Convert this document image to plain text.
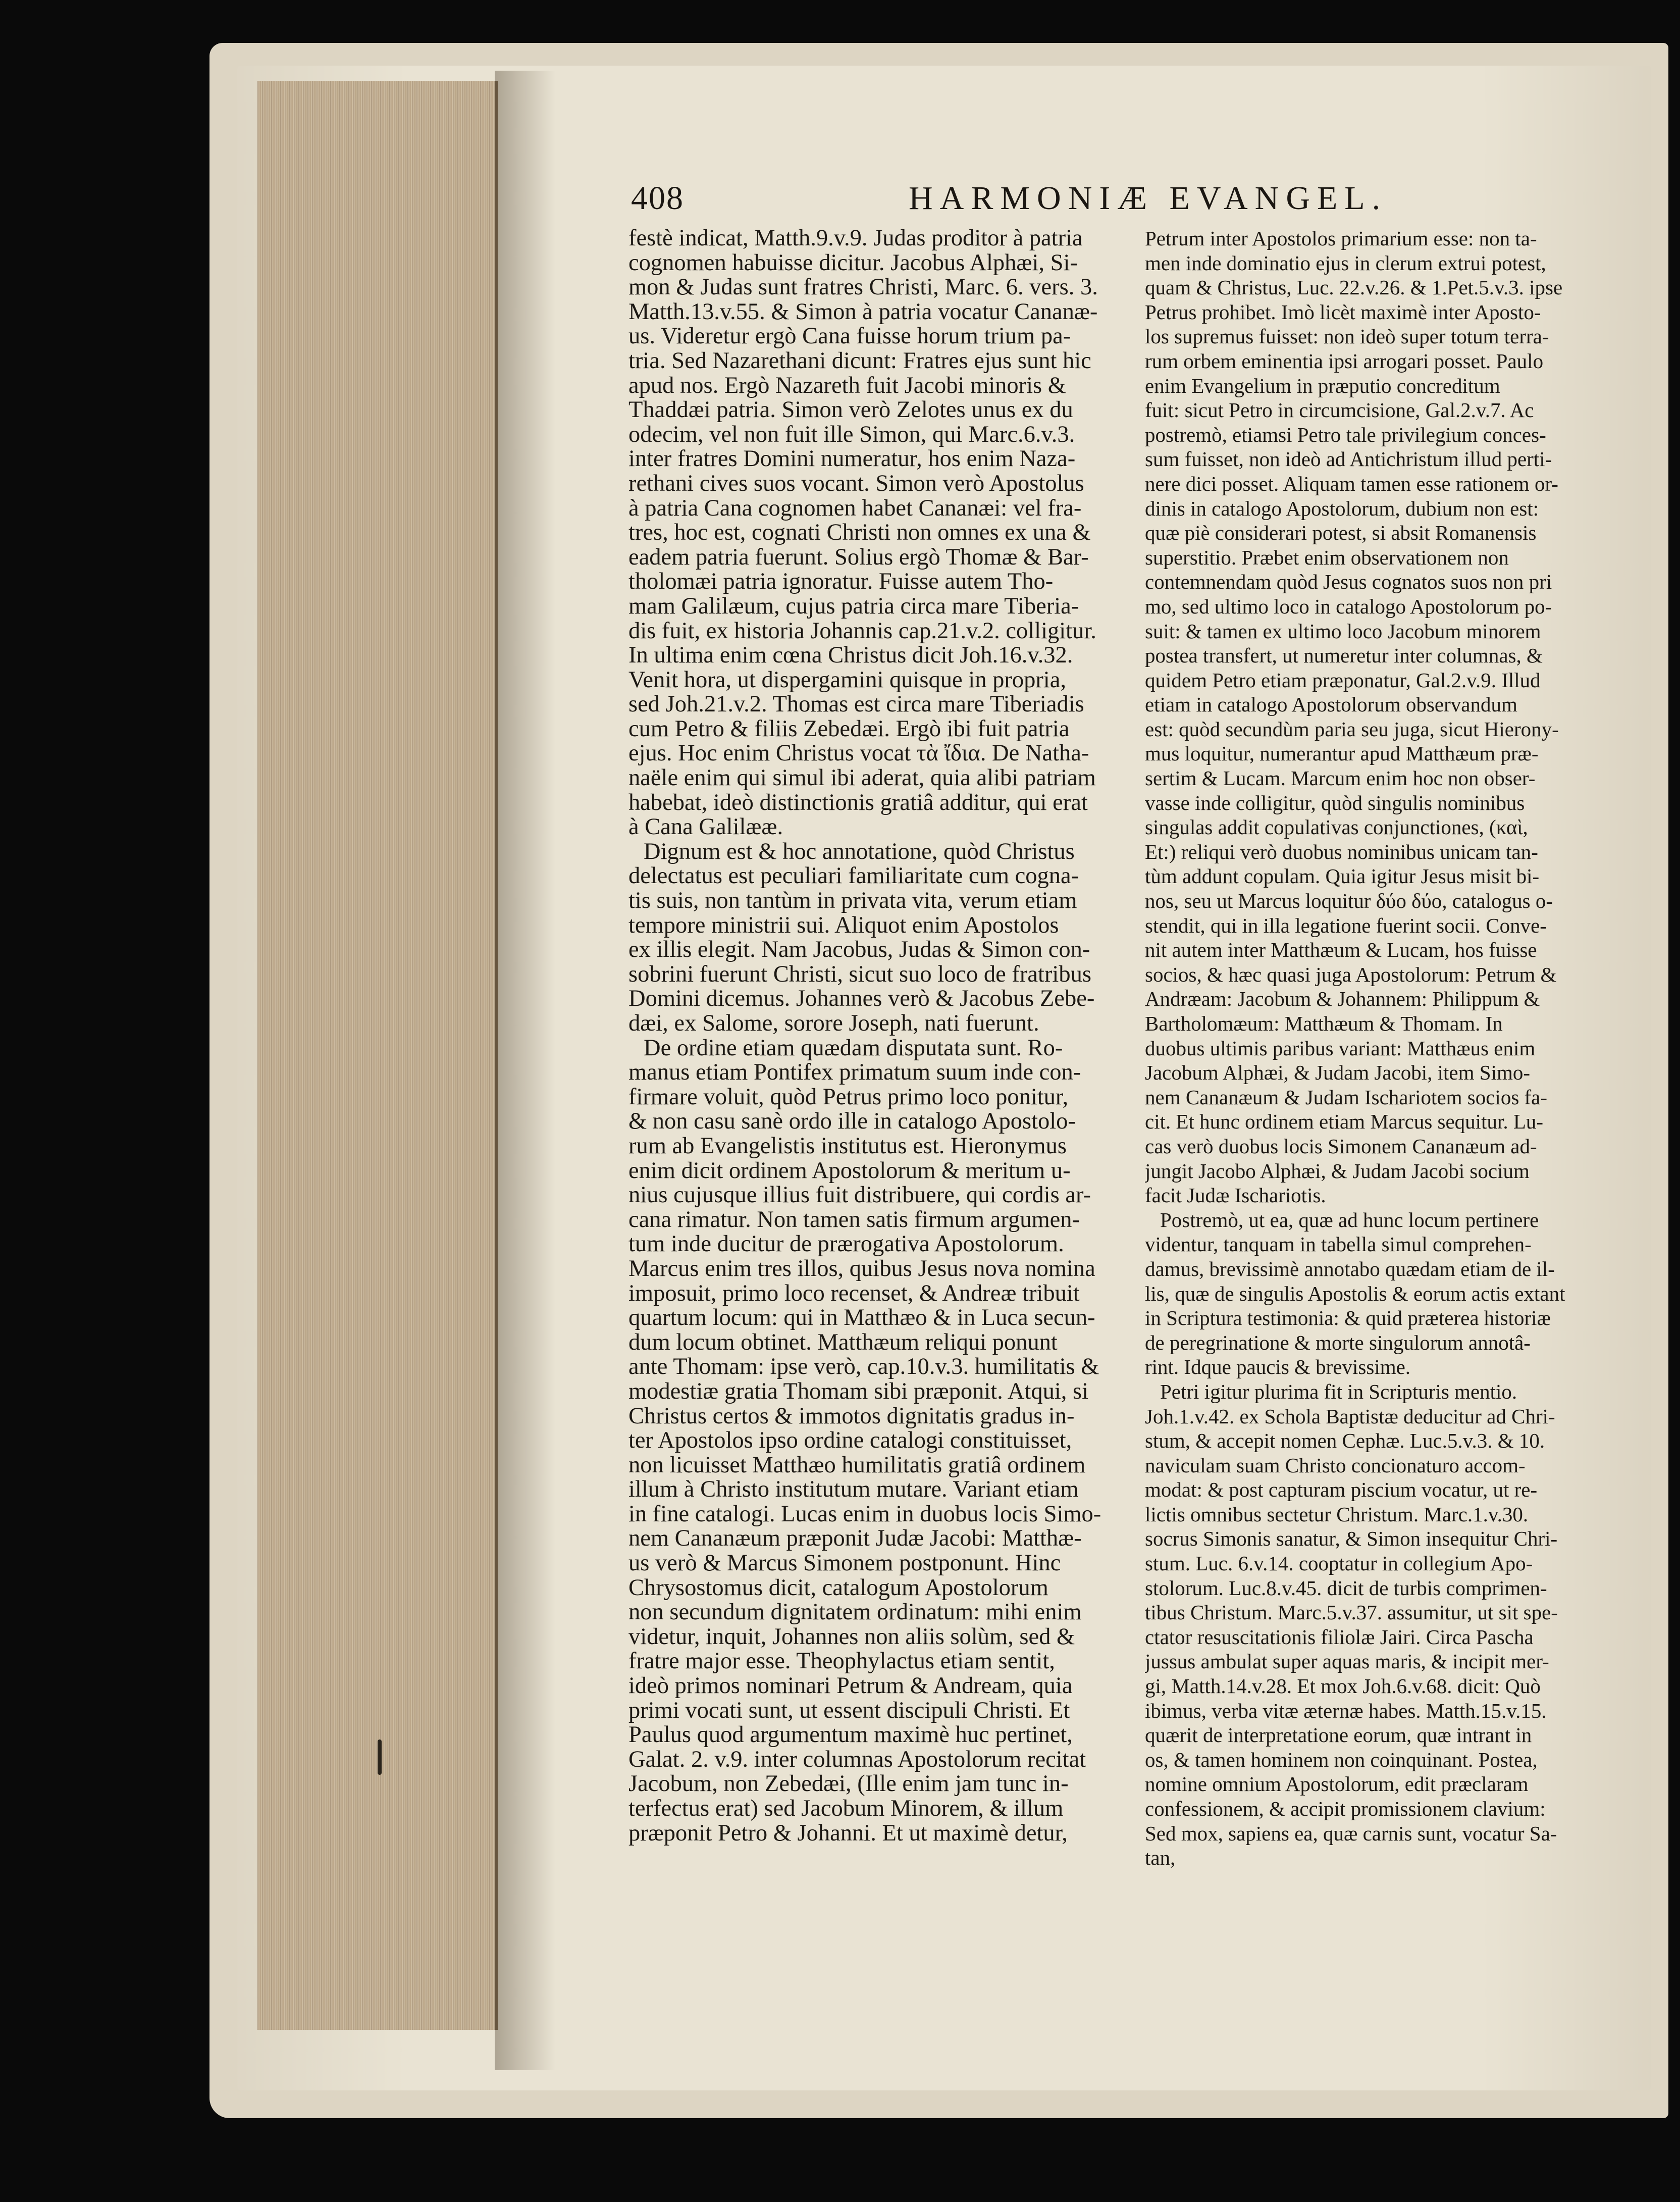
408	HARMONIÆ EVANGEL.
festè indicat, Matth.9.v.9. Judas proditor à patria
cognomen habuisse dicitur. Jacobus Alphæi, Si-
mon & Judas sunt fratres Christi, Marc. 6. vers. 3.
Matth.13.v.55. & Simon à patria vocatur Cananæ-
us. Videretur ergò Cana fuisse horum trium pa-
tria. Sed Nazarethani dicunt: Fratres ejus sunt hic
apud nos. Ergò Nazareth fuit Jacobi minoris &
Thaddæi patria. Simon verò Zelotes unus ex du
odecim, vel non fuit ille Simon, qui Marc.6.v.3.
inter fratres Domini numeratur, hos enim Naza-
rethani cives suos vocant. Simon verò Apostolus
à patria Cana cognomen habet Cananæi: vel fra-
tres, hoc est, cognati Christi non omnes ex una &
eadem patria fuerunt. Solius ergò Thomæ & Bar-
tholomæi patria ignoratur. Fuisse autem Tho-
mam Galilæum, cujus patria circa mare Tiberia-
dis fuit, ex historia Johannis cap.21.v.2. colligitur.
In ultima enim cœna Christus dicit Joh.16.v.32.
Venit hora, ut dispergamini quisque in propria,
sed Joh.21.v.2. Thomas est circa mare Tiberiadis
cum Petro & filiis Zebedæi. Ergò ibi fuit patria
ejus. Hoc enim Christus vocat τὰ ἴδια. De Natha-
naële enim qui simul ibi aderat, quia alibi patriam
habebat, ideò distinctionis gratiâ additur, qui erat
à Cana Galilææ.
Dignum est & hoc annotatione, quòd Christus
delectatus est peculiari familiaritate cum cogna-
tis suis, non tantùm in privata vita, verum etiam
tempore ministrii sui. Aliquot enim Apostolos
ex illis elegit. Nam Jacobus, Judas & Simon con-
sobrini fuerunt Christi, sicut suo loco de fratribus
Domini dicemus. Johannes verò & Jacobus Zebe-
dæi, ex Salome, sorore Joseph, nati fuerunt.
De ordine etiam quædam disputata sunt. Ro-
manus etiam Pontifex primatum suum inde con-
firmare voluit, quòd Petrus primo loco ponitur,
& non casu sanè ordo ille in catalogo Apostolo-
rum ab Evangelistis institutus est. Hieronymus
enim dicit ordinem Apostolorum & meritum u-
nius cujusque illius fuit distribuere, qui cordis ar-
cana rimatur. Non tamen satis firmum argumen-
tum inde ducitur de prærogativa Apostolorum.
Marcus enim tres illos, quibus Jesus nova nomina
imposuit, primo loco recenset, & Andreæ tribuit
quartum locum: qui in Matthæo & in Luca secun-
dum locum obtinet. Matthæum reliqui ponunt
ante Thomam: ipse verò, cap.10.v.3. humilitatis &
modestiæ gratia Thomam sibi præponit. Atqui, si
Christus certos & immotos dignitatis gradus in-
ter Apostolos ipso ordine catalogi constituisset,
non licuisset Matthæo humilitatis gratiâ ordinem
illum à Christo institutum mutare. Variant etiam
in fine catalogi. Lucas enim in duobus locis Simo-
nem Cananæum præponit Judæ Jacobi: Matthæ-
us verò & Marcus Simonem postponunt. Hinc
Chrysostomus dicit, catalogum Apostolorum
non secundum dignitatem ordinatum: mihi enim
videtur, inquit, Johannes non aliis solùm, sed &
fratre major esse. Theophylactus etiam sentit,
ideò primos nominari Petrum & Andream, quia
primi vocati sunt, ut essent discipuli Christi. Et
Paulus quod argumentum maximè huc pertinet,
Galat. 2. v.9. inter columnas Apostolorum recitat
Jacobum, non Zebedæi, (Ille enim jam tunc in-
terfectus erat) sed Jacobum Minorem, & illum
præponit Petro & Johanni. Et ut maximè detur,
Petrum inter Apostolos primarium esse: non ta-
men inde dominatio ejus in clerum extrui potest,
quam & Christus, Luc. 22.v.26. & 1.Pet.5.v.3. ipse
Petrus prohibet. Imò licèt maximè inter Aposto-
los supremus fuisset: non ideò super totum terra-
rum orbem eminentia ipsi arrogari posset. Paulo
enim Evangelium in præputio concreditum
fuit: sicut Petro in circumcisione, Gal.2.v.7. Ac
postremò, etiamsi Petro tale privilegium conces-
sum fuisset, non ideò ad Antichristum illud perti-
nere dici posset. Aliquam tamen esse rationem or-
dinis in catalogo Apostolorum, dubium non est:
quæ piè considerari potest, si absit Romanensis
superstitio. Præbet enim observationem non
contemnendam quòd Jesus cognatos suos non pri
mo, sed ultimo loco in catalogo Apostolorum po-
suit: & tamen ex ultimo loco Jacobum minorem
postea transfert, ut numeretur inter columnas, &
quidem Petro etiam præponatur, Gal.2.v.9. Illud
etiam in catalogo Apostolorum observandum
est: quòd secundùm paria seu juga, sicut Hierony-
mus loquitur, numerantur apud Matthæum præ-
sertim & Lucam. Marcum enim hoc non obser-
vasse inde colligitur, quòd singulis nominibus
singulas addit copulativas conjunctiones, (καὶ,
Et:) reliqui verò duobus nominibus unicam tan-
tùm addunt copulam. Quia igitur Jesus misit bi-
nos, seu ut Marcus loquitur δύο δύο, catalogus o-
stendit, qui in illa legatione fuerint socii. Conve-
nit autem inter Matthæum & Lucam, hos fuisse
socios, & hæc quasi juga Apostolorum: Petrum &
Andræam: Jacobum & Johannem: Philippum &
Bartholomæum: Matthæum & Thomam. In
duobus ultimis paribus variant: Matthæus enim
Jacobum Alphæi, & Judam Jacobi, item Simo-
nem Cananæum & Judam Ischariotem socios fa-
cit. Et hunc ordinem etiam Marcus sequitur. Lu-
cas verò duobus locis Simonem Cananæum ad-
jungit Jacobo Alphæi, & Judam Jacobi socium
facit Judæ Ischariotis.
Postremò, ut ea, quæ ad hunc locum pertinere
videntur, tanquam in tabella simul comprehen-
damus, brevissimè annotabo quædam etiam de il-
lis, quæ de singulis Apostolis & eorum actis extant
in Scriptura testimonia: & quid præterea historiæ
de peregrinatione & morte singulorum annotâ-
rint. Idque paucis & brevissime.
Petri igitur plurima fit in Scripturis mentio.
Joh.1.v.42. ex Schola Baptistæ deducitur ad Chri-
stum, & accepit nomen Cephæ. Luc.5.v.3. & 10.
naviculam suam Christo concionaturo accom-
modat: & post capturam piscium vocatur, ut re-
lictis omnibus sectetur Christum. Marc.1.v.30.
socrus Simonis sanatur, & Simon insequitur Chri-
stum. Luc. 6.v.14. cooptatur in collegium Apo-
stolorum. Luc.8.v.45. dicit de turbis comprimen-
tibus Christum. Marc.5.v.37. assumitur, ut sit spe-
ctator resuscitationis filiolæ Jairi. Circa Pascha
jussus ambulat super aquas maris, & incipit mer-
gi, Matth.14.v.28. Et mox Joh.6.v.68. dicit: Quò
ibimus, verba vitæ æternæ habes. Matth.15.v.15.
quærit de interpretatione eorum, quæ intrant in
os, & tamen hominem non coinquinant. Postea,
nomine omnium Apostolorum, edit præclaram
confessionem, & accipit promissionem clavium:
Sed mox, sapiens ea, quæ carnis sunt, vocatur Sa-
tan,
